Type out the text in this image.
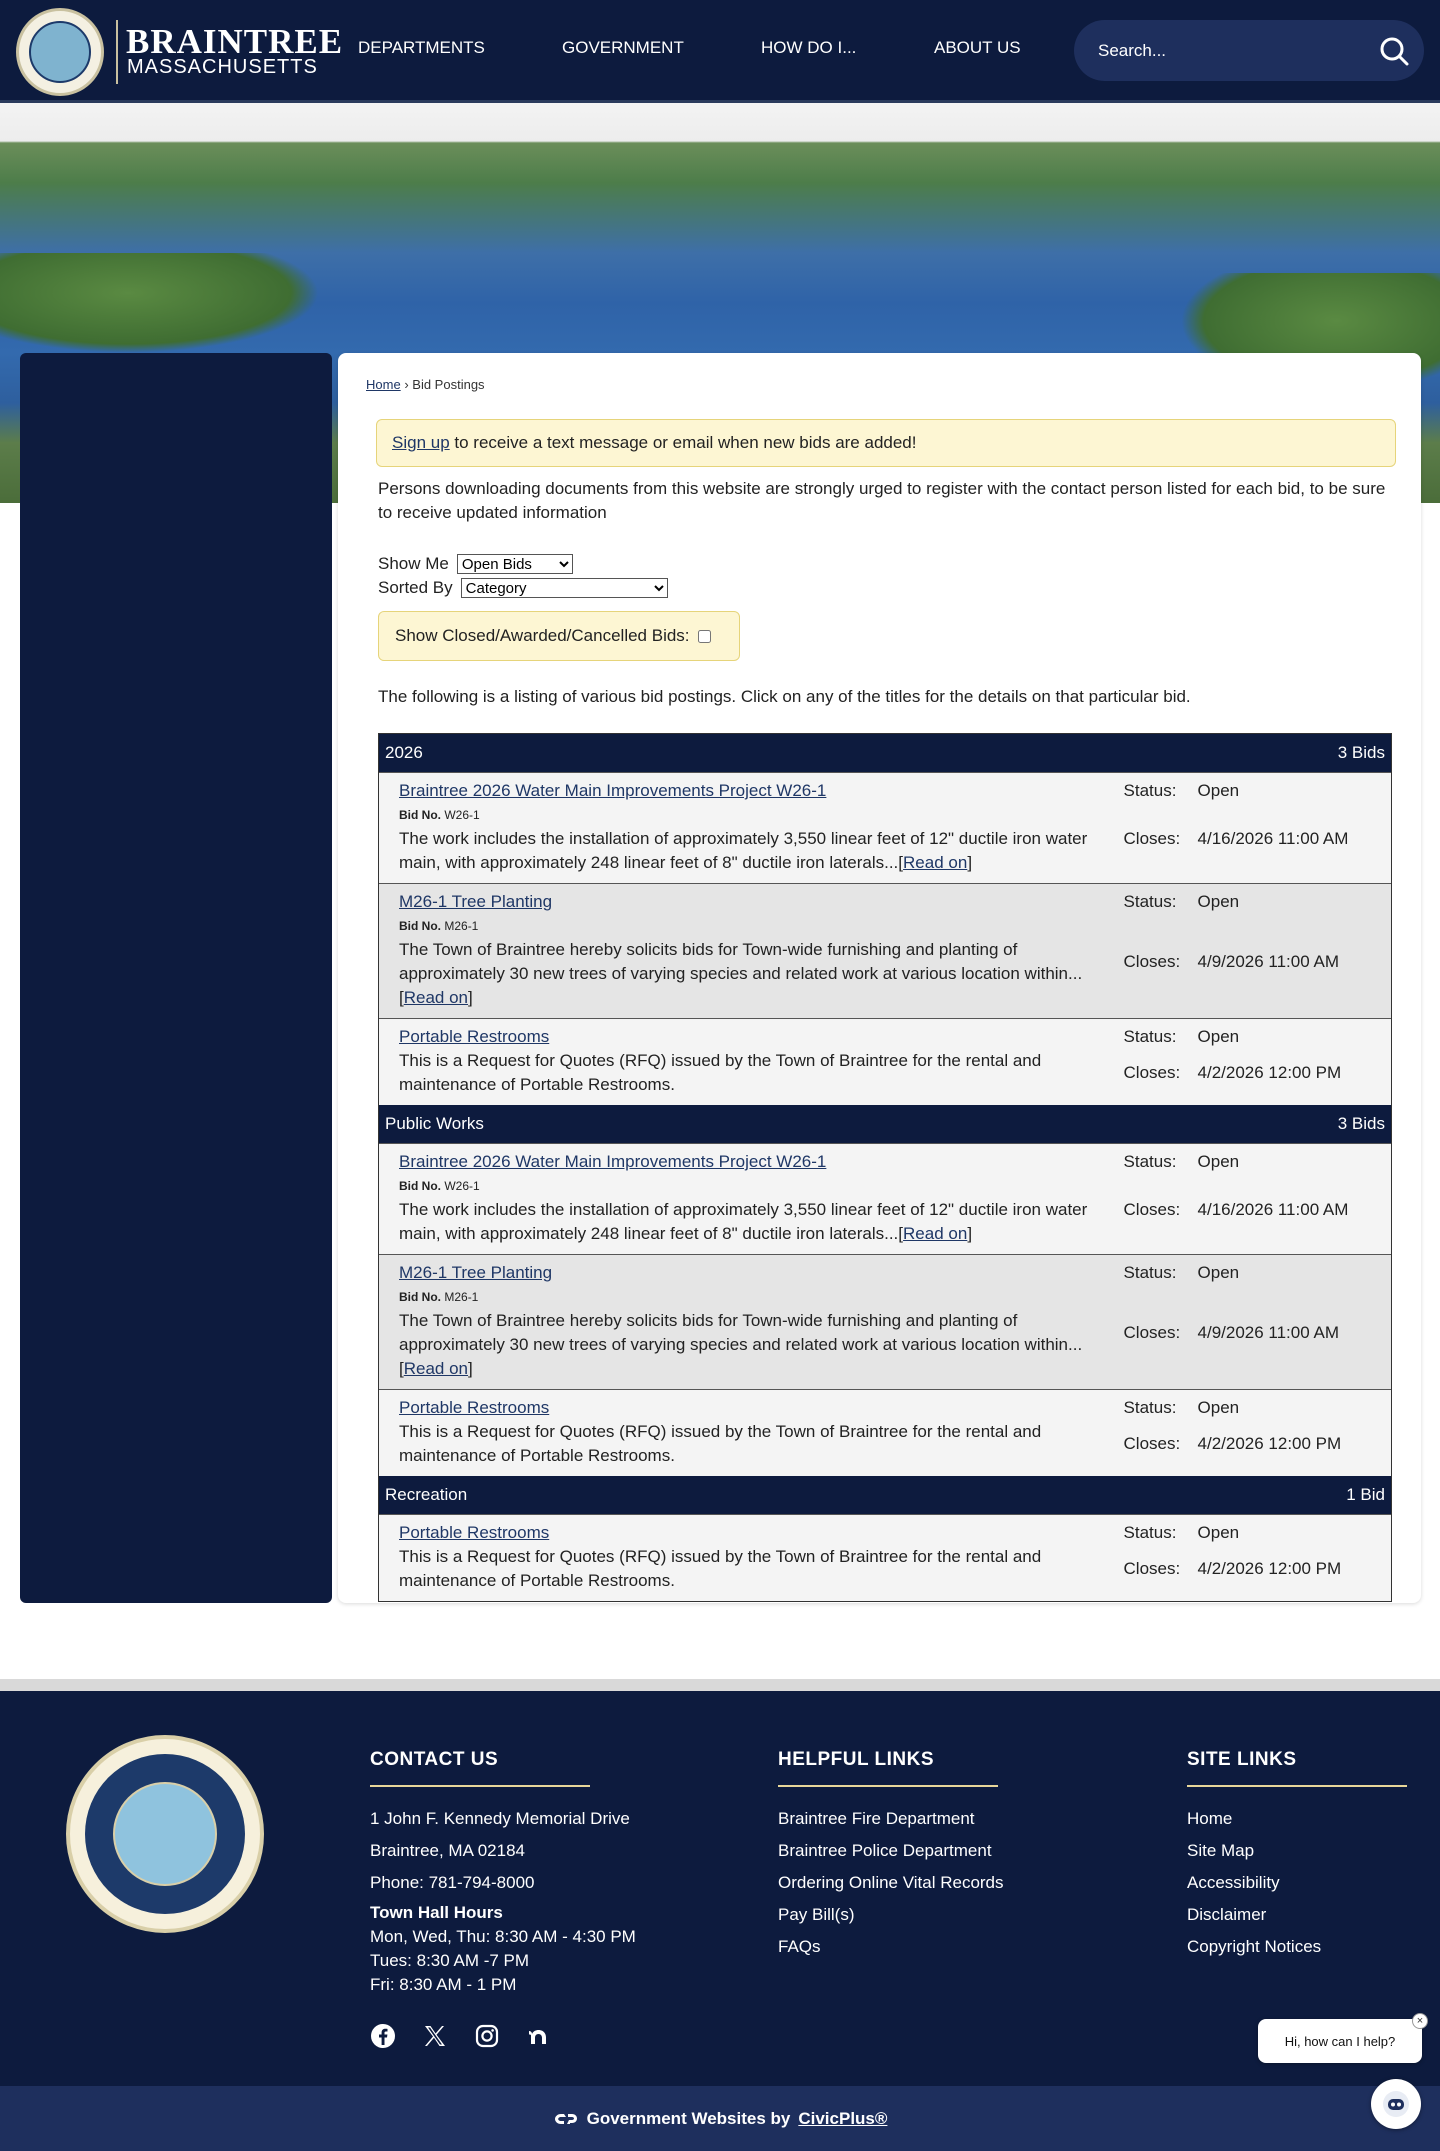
BRAINTREE
MASSACHUSETTS
DEPARTMENTS	GOVERNMENT	HOW DO I...	ABOUT US
Search...
Home › Bid Postings
Sign up to receive a text message or email when new bids are added!

Persons downloading documents from this website are strongly urged to register with the contact person listed for each bid, to be sure to receive updated information

Show Me
Open Bids
Sorted By
Category
Show Closed/Awarded/Cancelled Bids:

The following is a listing of various bid postings. Click on any of the titles for the details on that particular bid.

2026	3 Bids
Braintree 2026 Water Main Improvements Project W26-1
Bid No. W26-1
The work includes the installation of approximately 3,550 linear feet of 12" ductile iron water main, with approximately 248 linear feet of 8" ductile iron laterals...[Read on]
Status:	Open
Closes:	4/16/2026 11:00 AM
M26-1 Tree Planting
Bid No. M26-1
The Town of Braintree hereby solicits bids for Town-wide furnishing and planting of approximately 30 new trees of varying species and related work at various location within...[Read on]
Status:	Open
Closes:	4/9/2026 11:00 AM
Portable Restrooms
This is a Request for Quotes (RFQ) issued by the Town of Braintree for the rental and maintenance of Portable Restrooms.
Status:	Open
Closes:	4/2/2026 12:00 PM
Public Works	3 Bids
Braintree 2026 Water Main Improvements Project W26-1
Bid No. W26-1
The work includes the installation of approximately 3,550 linear feet of 12" ductile iron water main, with approximately 248 linear feet of 8" ductile iron laterals...[Read on]
Status:	Open
Closes:	4/16/2026 11:00 AM
M26-1 Tree Planting
Bid No. M26-1
The Town of Braintree hereby solicits bids for Town-wide furnishing and planting of approximately 30 new trees of varying species and related work at various location within...[Read on]
Status:	Open
Closes:	4/9/2026 11:00 AM
Portable Restrooms
This is a Request for Quotes (RFQ) issued by the Town of Braintree for the rental and maintenance of Portable Restrooms.
Status:	Open
Closes:	4/2/2026 12:00 PM
Recreation	1 Bid
Portable Restrooms
This is a Request for Quotes (RFQ) issued by the Town of Braintree for the rental and maintenance of Portable Restrooms.
Status:	Open
Closes:	4/2/2026 12:00 PM
CONTACT US
1 John F. Kennedy Memorial Drive
Braintree, MA 02184
Phone: 781-794-8000
Town Hall Hours
Mon, Wed, Thu: 8:30 AM - 4:30 PM
Tues: 8:30 AM -7 PM
Fri: 8:30 AM - 1 PM
HELPFUL LINKS
Braintree Fire Department
Braintree Police Department
Ordering Online Vital Records
Pay Bill(s)
FAQs
SITE LINKS
Home
Site Map
Accessibility
Disclaimer
Copyright Notices
Hi, how can I help?
×
Government Websites by CivicPlus®
